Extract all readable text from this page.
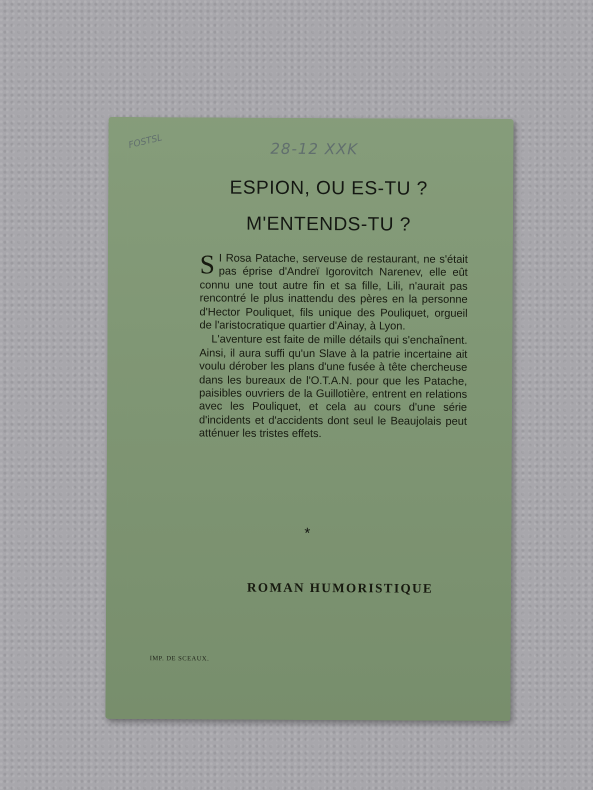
FOSTSL	28-12 XXK
ESPION, OU ES-TU ?
M'ENTENDS-TU ?

SI Rosa Patache, serveuse de restaurant, ne s'était pas éprise d'Andreï Igorovitch Narenev, elle eût connu une tout autre fin et sa fille, Lili, n'aurait pas rencontré le plus inattendu des pères en la personne d'Hector Pouliquet, fils unique des Pouliquet, orgueil de l'aristocratique quartier d'Ainay, à Lyon.

L'aventure est faite de mille détails qui s'enchaînent. Ainsi, il aura suffi qu'un Slave à la patrie incertaine ait voulu dérober les plans d'une fusée à tête chercheuse dans les bureaux de l'O.T.A.N. pour que les Patache, paisibles ouvriers de la Guillotière, entrent en relations avec les Pouliquet, et cela au cours d'une série d'incidents et d'accidents dont seul le Beaujolais peut atténuer les tristes effets.

*
ROMAN HUMORISTIQUE
IMP. DE SCEAUX.
